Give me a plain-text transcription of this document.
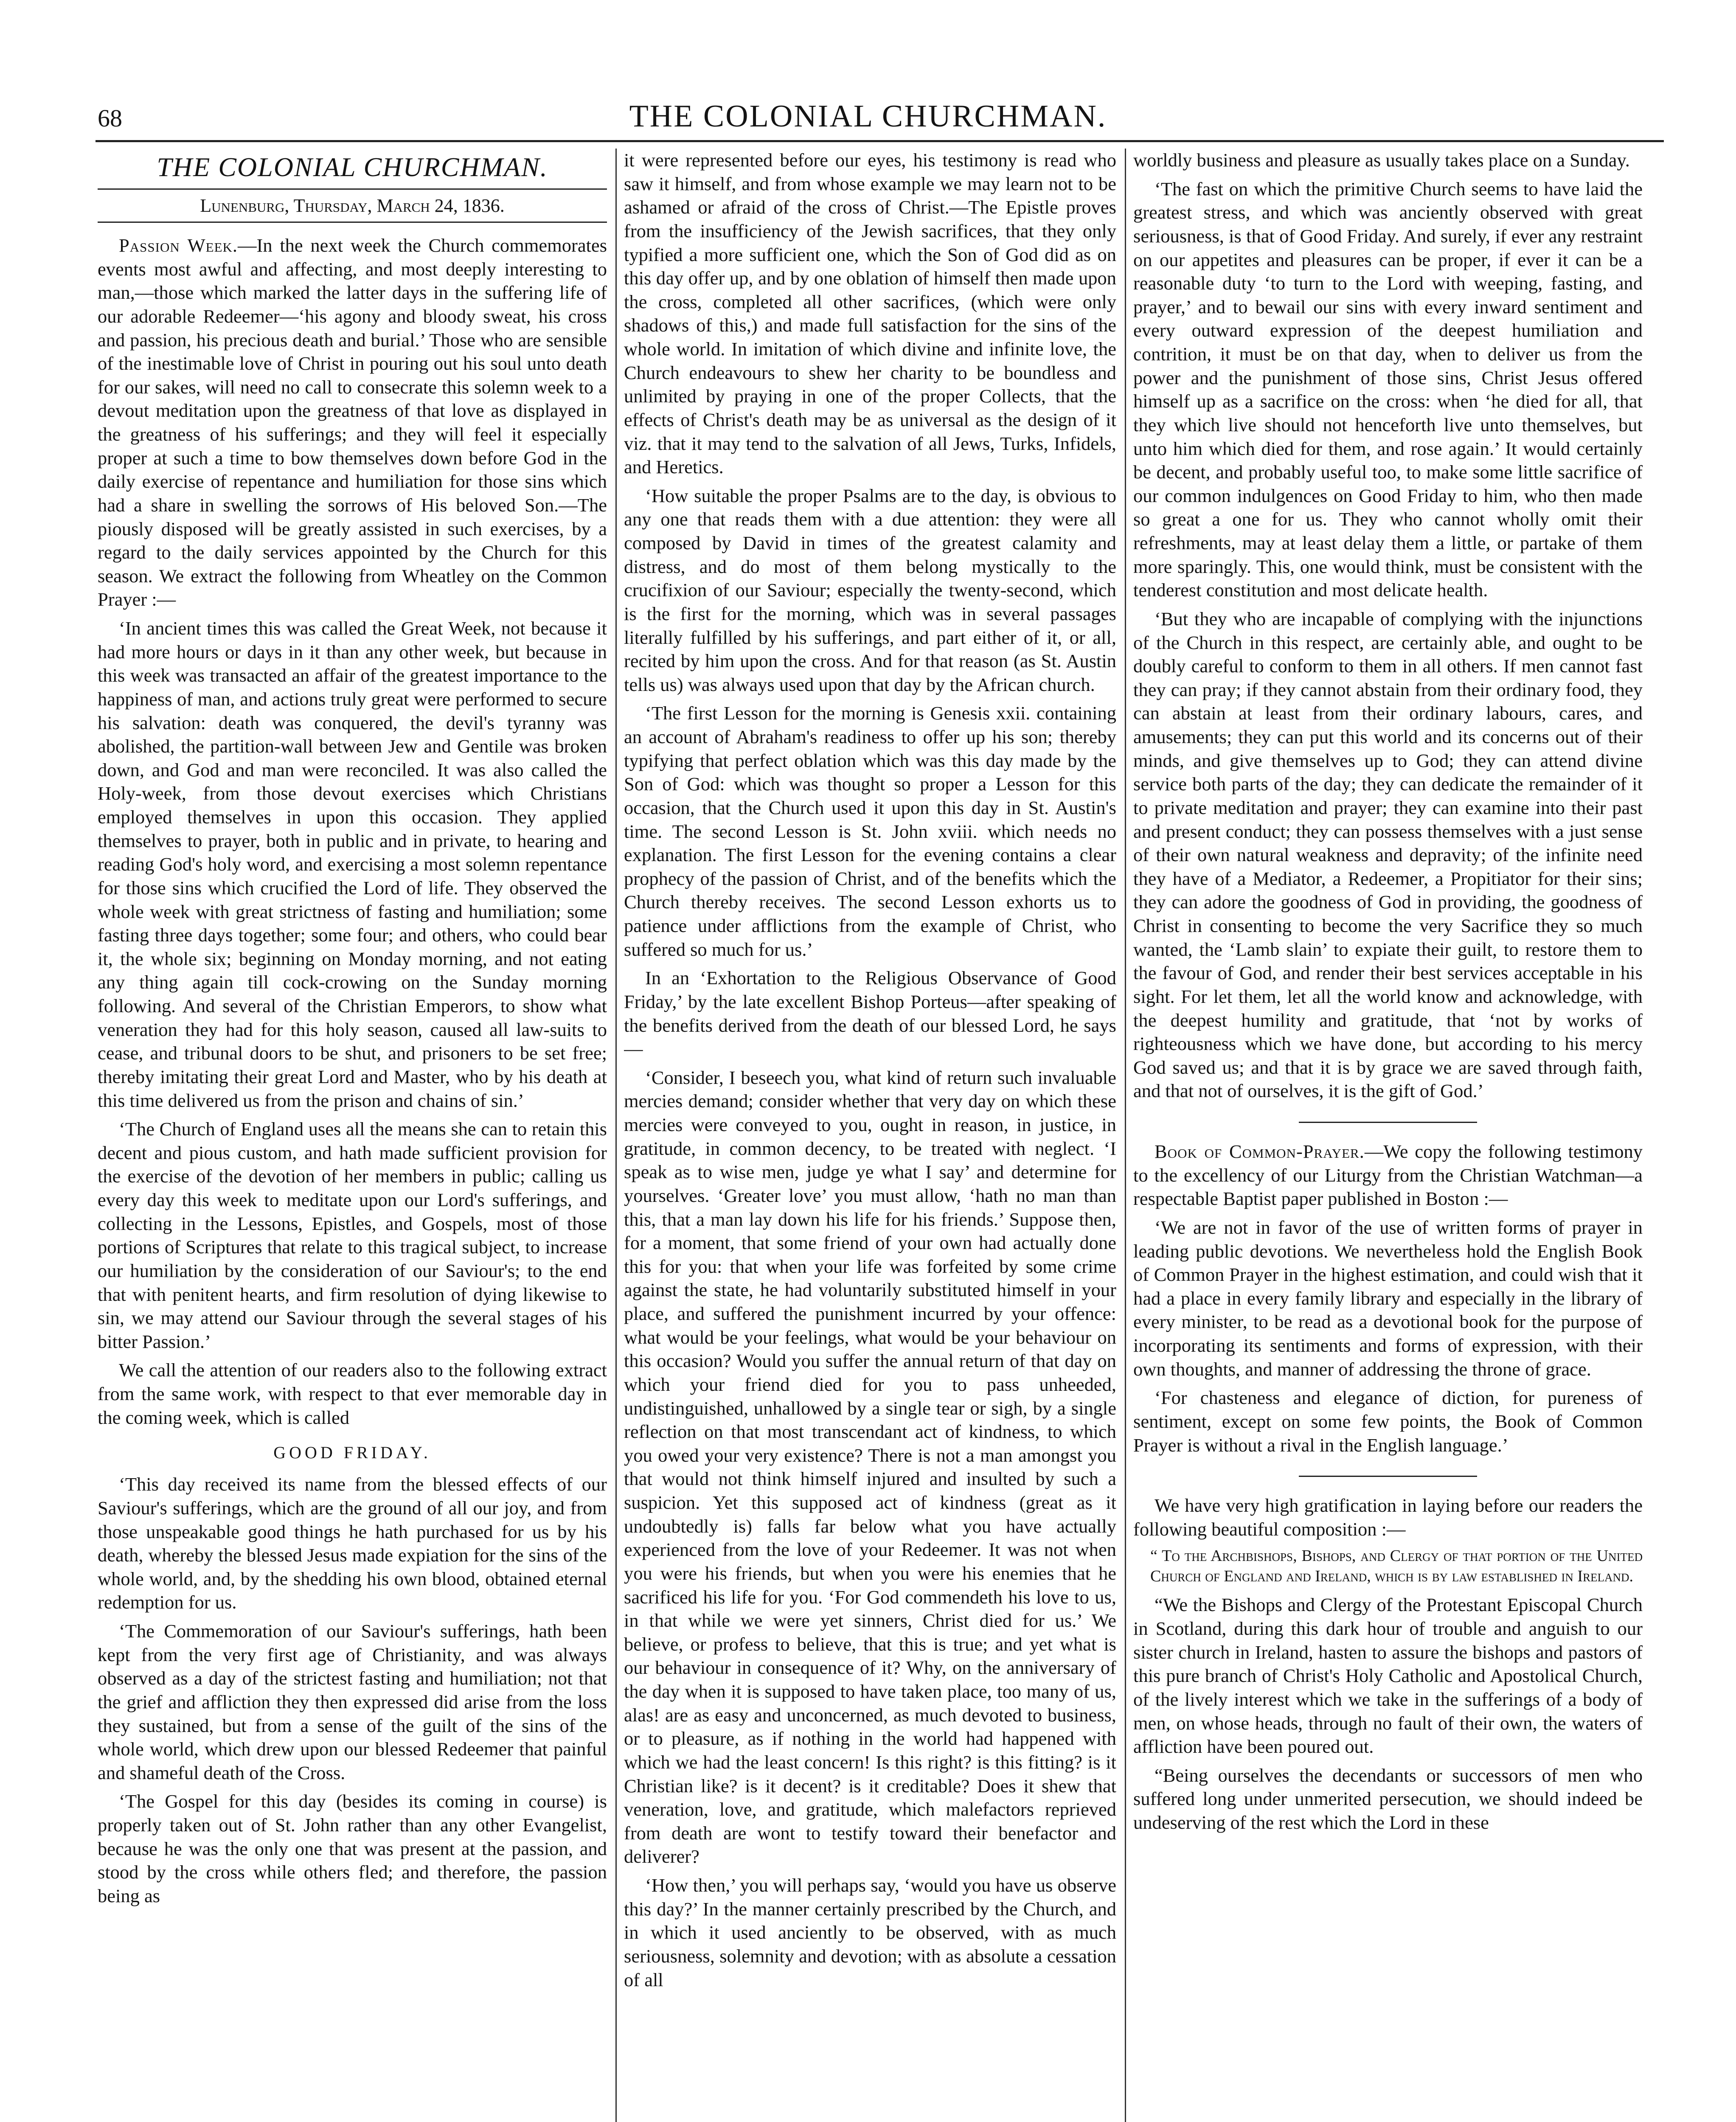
68	THE COLONIAL CHURCHMAN.
THE COLONIAL CHURCHMAN.
Lunenburg, Thursday, March 24, 1836.

Passion Week.—In the next week the Church commemorates events most awful and affecting, and most deeply interesting to man,—those which marked the latter days in the suffering life of our adorable Redeemer—‘his agony and bloody sweat, his cross and passion, his precious death and burial.’ Those who are sensible of the inestimable love of Christ in pouring out his soul unto death for our sakes, will need no call to consecrate this solemn week to a devout meditation upon the greatness of that love as displayed in the greatness of his sufferings; and they will feel it especially proper at such a time to bow themselves down before God in the daily exercise of repentance and humiliation for those sins which had a share in swelling the sorrows of His beloved Son.—The piously disposed will be greatly assisted in such exercises, by a regard to the daily services appointed by the Church for this season. We extract the following from Wheatley on the Common Prayer :—

‘In ancient times this was called the Great Week, not because it had more hours or days in it than any other week, but because in this week was transacted an affair of the greatest importance to the happiness of man, and actions truly great were performed to secure his salvation: death was conquered, the devil's tyranny was abolished, the partition-wall between Jew and Gentile was broken down, and God and man were reconciled. It was also called the Holy-week, from those devout exercises which Christians employed themselves in upon this occasion. They applied themselves to prayer, both in public and in private, to hearing and reading God's holy word, and exercising a most solemn repentance for those sins which crucified the Lord of life. They observed the whole week with great strictness of fasting and humiliation; some fasting three days together; some four; and others, who could bear it, the whole six; beginning on Monday morning, and not eating any thing again till cock-crowing on the Sunday morning following. And several of the Christian Emperors, to show what veneration they had for this holy season, caused all law-suits to cease, and tribunal doors to be shut, and prisoners to be set free; thereby imitating their great Lord and Master, who by his death at this time delivered us from the prison and chains of sin.’

‘The Church of England uses all the means she can to retain this decent and pious custom, and hath made sufficient provision for the exercise of the devotion of her members in public; calling us every day this week to meditate upon our Lord's sufferings, and collecting in the Lessons, Epistles, and Gospels, most of those portions of Scriptures that relate to this tragical subject, to increase our humiliation by the consideration of our Saviour's; to the end that with penitent hearts, and firm resolution of dying likewise to sin, we may attend our Saviour through the several stages of his bitter Passion.’

We call the attention of our readers also to the following extract from the same work, with respect to that ever memorable day in the coming week, which is called

GOOD FRIDAY.

‘This day received its name from the blessed effects of our Saviour's sufferings, which are the ground of all our joy, and from those unspeakable good things he hath purchased for us by his death, whereby the blessed Jesus made expiation for the sins of the whole world, and, by the shedding his own blood, obtained eternal redemption for us.

‘The Commemoration of our Saviour's sufferings, hath been kept from the very first age of Christianity, and was always observed as a day of the strictest fasting and humiliation; not that the grief and affliction they then expressed did arise from the loss they sustained, but from a sense of the guilt of the sins of the whole world, which drew upon our blessed Redeemer that painful and shameful death of the Cross.

‘The Gospel for this day (besides its coming in course) is properly taken out of St. John rather than any other Evangelist, because he was the only one that was present at the passion, and stood by the cross while others fled; and therefore, the passion being as

it were represented before our eyes, his testimony is read who saw it himself, and from whose example we may learn not to be ashamed or afraid of the cross of Christ.—The Epistle proves from the insufficiency of the Jewish sacrifices, that they only typified a more sufficient one, which the Son of God did as on this day offer up, and by one oblation of himself then made upon the cross, completed all other sacrifices, (which were only shadows of this,) and made full satisfaction for the sins of the whole world. In imitation of which divine and infinite love, the Church endeavours to shew her charity to be boundless and unlimited by praying in one of the proper Collects, that the effects of Christ's death may be as universal as the design of it viz. that it may tend to the salvation of all Jews, Turks, Infidels, and Heretics.

‘How suitable the proper Psalms are to the day, is obvious to any one that reads them with a due attention: they were all composed by David in times of the greatest calamity and distress, and do most of them belong mystically to the crucifixion of our Saviour; especially the twenty-second, which is the first for the morning, which was in several passages literally fulfilled by his sufferings, and part either of it, or all, recited by him upon the cross. And for that reason (as St. Austin tells us) was always used upon that day by the African church.

‘The first Lesson for the morning is Genesis xxii. containing an account of Abraham's readiness to offer up his son; thereby typifying that perfect oblation which was this day made by the Son of God: which was thought so proper a Lesson for this occasion, that the Church used it upon this day in St. Austin's time. The second Lesson is St. John xviii. which needs no explanation. The first Lesson for the evening contains a clear prophecy of the passion of Christ, and of the benefits which the Church thereby receives. The second Lesson exhorts us to patience under afflictions from the example of Christ, who suffered so much for us.’

In an ‘Exhortation to the Religious Observance of Good Friday,’ by the late excellent Bishop Porteus—after speaking of the benefits derived from the death of our blessed Lord, he says—

‘Consider, I beseech you, what kind of return such invaluable mercies demand; consider whether that very day on which these mercies were conveyed to you, ought in reason, in justice, in gratitude, in common decency, to be treated with neglect. ‘I speak as to wise men, judge ye what I say’ and determine for yourselves. ‘Greater love’ you must allow, ‘hath no man than this, that a man lay down his life for his friends.’ Suppose then, for a moment, that some friend of your own had actually done this for you: that when your life was forfeited by some crime against the state, he had voluntarily substituted himself in your place, and suffered the punishment incurred by your offence: what would be your feelings, what would be your behaviour on this occasion? Would you suffer the annual return of that day on which your friend died for you to pass unheeded, undistinguished, unhallowed by a single tear or sigh, by a single reflection on that most transcendant act of kindness, to which you owed your very existence? There is not a man amongst you that would not think himself injured and insulted by such a suspicion. Yet this supposed act of kindness (great as it undoubtedly is) falls far below what you have actually experienced from the love of your Redeemer. It was not when you were his friends, but when you were his enemies that he sacrificed his life for you. ‘For God commendeth his love to us, in that while we were yet sinners, Christ died for us.’ We believe, or profess to believe, that this is true; and yet what is our behaviour in consequence of it? Why, on the anniversary of the day when it is supposed to have taken place, too many of us, alas! are as easy and unconcerned, as much devoted to business, or to pleasure, as if nothing in the world had happened with which we had the least concern! Is this right? is this fitting? is it Christian like? is it decent? is it creditable? Does it shew that veneration, love, and gratitude, which malefactors reprieved from death are wont to testify toward their benefactor and deliverer?

‘How then,’ you will perhaps say, ‘would you have us observe this day?’ In the manner certainly prescribed by the Church, and in which it used anciently to be observed, with as much seriousness, solemnity and devotion; with as absolute a cessation of all

worldly business and pleasure as usually takes place on a Sunday.

‘The fast on which the primitive Church seems to have laid the greatest stress, and which was anciently observed with great seriousness, is that of Good Friday. And surely, if ever any restraint on our appetites and pleasures can be proper, if ever it can be a reasonable duty ‘to turn to the Lord with weeping, fasting, and prayer,’ and to bewail our sins with every inward sentiment and every outward expression of the deepest humiliation and contrition, it must be on that day, when to deliver us from the power and the punishment of those sins, Christ Jesus offered himself up as a sacrifice on the cross: when ‘he died for all, that they which live should not henceforth live unto themselves, but unto him which died for them, and rose again.’ It would certainly be decent, and probably useful too, to make some little sacrifice of our common indulgences on Good Friday to him, who then made so great a one for us. They who cannot wholly omit their refreshments, may at least delay them a little, or partake of them more sparingly. This, one would think, must be consistent with the tenderest constitution and most delicate health.

‘But they who are incapable of complying with the injunctions of the Church in this respect, are certainly able, and ought to be doubly careful to conform to them in all others. If men cannot fast they can pray; if they cannot abstain from their ordinary food, they can abstain at least from their ordinary labours, cares, and amusements; they can put this world and its concerns out of their minds, and give themselves up to God; they can attend divine service both parts of the day; they can dedicate the remainder of it to private meditation and prayer; they can examine into their past and present conduct; they can possess themselves with a just sense of their own natural weakness and depravity; of the infinite need they have of a Mediator, a Redeemer, a Propitiator for their sins; they can adore the goodness of God in providing, the goodness of Christ in consenting to become the very Sacrifice they so much wanted, the ‘Lamb slain’ to expiate their guilt, to restore them to the favour of God, and render their best services acceptable in his sight. For let them, let all the world know and acknowledge, with the deepest humility and gratitude, that ‘not by works of righteousness which we have done, but according to his mercy God saved us; and that it is by grace we are saved through faith, and that not of ourselves, it is the gift of God.’

Book of Common-Prayer.—We copy the following testimony to the excellency of our Liturgy from the Christian Watchman—a respectable Baptist paper published in Boston :—

‘We are not in favor of the use of written forms of prayer in leading public devotions. We nevertheless hold the English Book of Common Prayer in the highest estimation, and could wish that it had a place in every family library and especially in the library of every minister, to be read as a devotional book for the purpose of incorporating its sentiments and forms of expression, with their own thoughts, and manner of addressing the throne of grace.

‘For chasteness and elegance of diction, for pureness of sentiment, except on some few points, the Book of Common Prayer is without a rival in the English language.’

We have very high gratification in laying before our readers the following beautiful composition :—

“ To the Archbishops, Bishops, and Clergy of that portion of the United Church of England and Ireland, which is by law established in Ireland.

“We the Bishops and Clergy of the Protestant Episcopal Church in Scotland, during this dark hour of trouble and anguish to our sister church in Ireland, hasten to assure the bishops and pastors of this pure branch of Christ's Holy Catholic and Apostolical Church, of the lively interest which we take in the sufferings of a body of men, on whose heads, through no fault of their own, the waters of affliction have been poured out.

“Being ourselves the decendants or successors of men who suffered long under unmerited persecution, we should indeed be undeserving of the rest which the Lord in these
